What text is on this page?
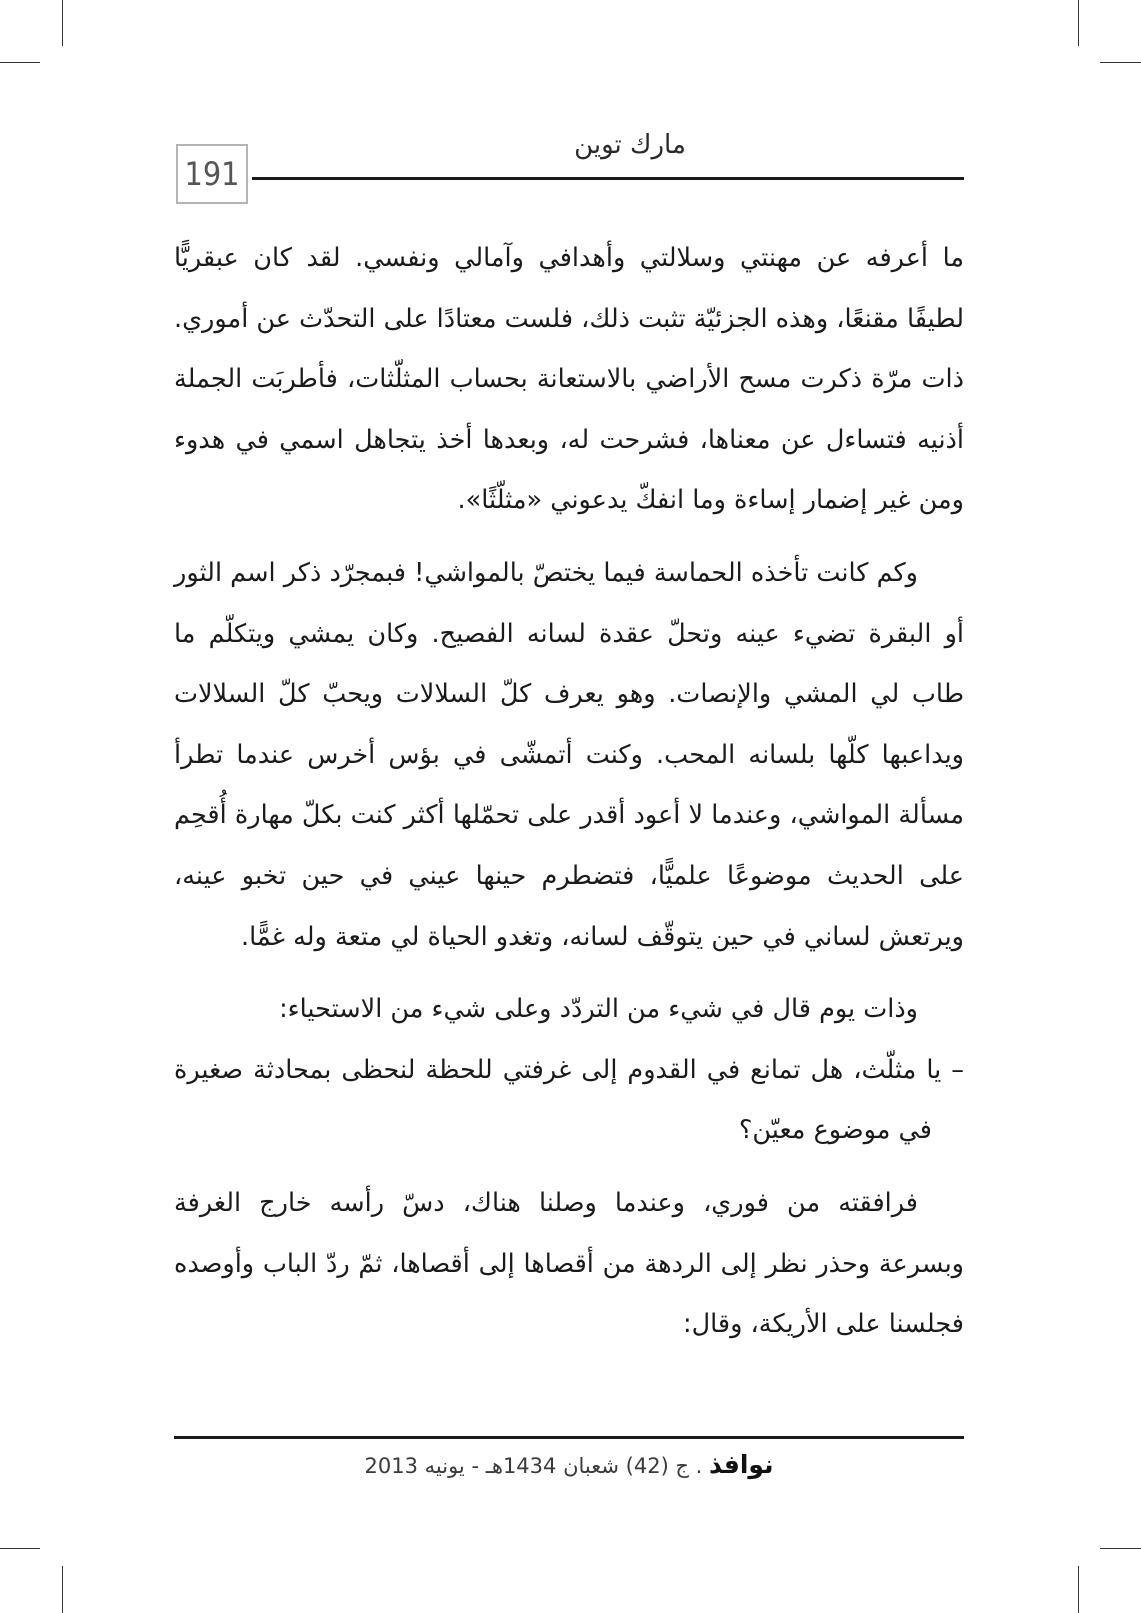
مارك توين
191

ما أعرفه عن مهنتي وسلالتي وأهدافي وآمالي ونفسي. لقد كان عبقريًّا لطيفًا مقنعًا، وهذه الجزئيّة تثبت ذلك، فلست معتادًا على التحدّث عن أموري. ذات مرّة ذكرت مسح الأراضي بالاستعانة بحساب المثلّثات، فأطربَت الجملة أذنيه فتساءل عن معناها، فشرحت له، وبعدها أخذ يتجاهل اسمي في هدوء ومن غير إضمار إساءة وما انفكّ يدعوني «مثلّثًا».

وكم كانت تأخذه الحماسة فيما يختصّ بالمواشي! فبمجرّد ذكر اسم الثور أو البقرة تضيء عينه وتحلّ عقدة لسانه الفصيح. وكان يمشي ويتكلّم ما طاب لي المشي والإنصات. وهو يعرف كلّ السلالات ويحبّ كلّ السلالات ويداعبها كلّها بلسانه المحب. وكنت أتمشّى في بؤس أخرس عندما تطرأ مسألة المواشي، وعندما لا أعود أقدر على تحمّلها أكثر كنت بكلّ مهارة أُقحِم على الحديث موضوعًا علميًّا، فتضطرم حينها عيني في حين تخبو عينه، ويرتعش لساني في حين يتوقّف لسانه، وتغدو الحياة لي متعة وله غمًّا.

وذات يوم قال في شيء من التردّد وعلى شيء من الاستحياء:

– يا مثلّث، هل تمانع في القدوم إلى غرفتي للحظة لنحظى بمحادثة صغيرة في موضوع معيّن؟

فرافقته من فوري، وعندما وصلنا هناك، دسّ رأسه خارج الغرفة وبسرعة وحذر نظر إلى الردهة من أقصاها إلى أقصاها، ثمّ ردّ الباب وأوصده فجلسنا على الأريكة، وقال:

نوافذ . ج (42) شعبان 1434هـ - يونيه 2013
